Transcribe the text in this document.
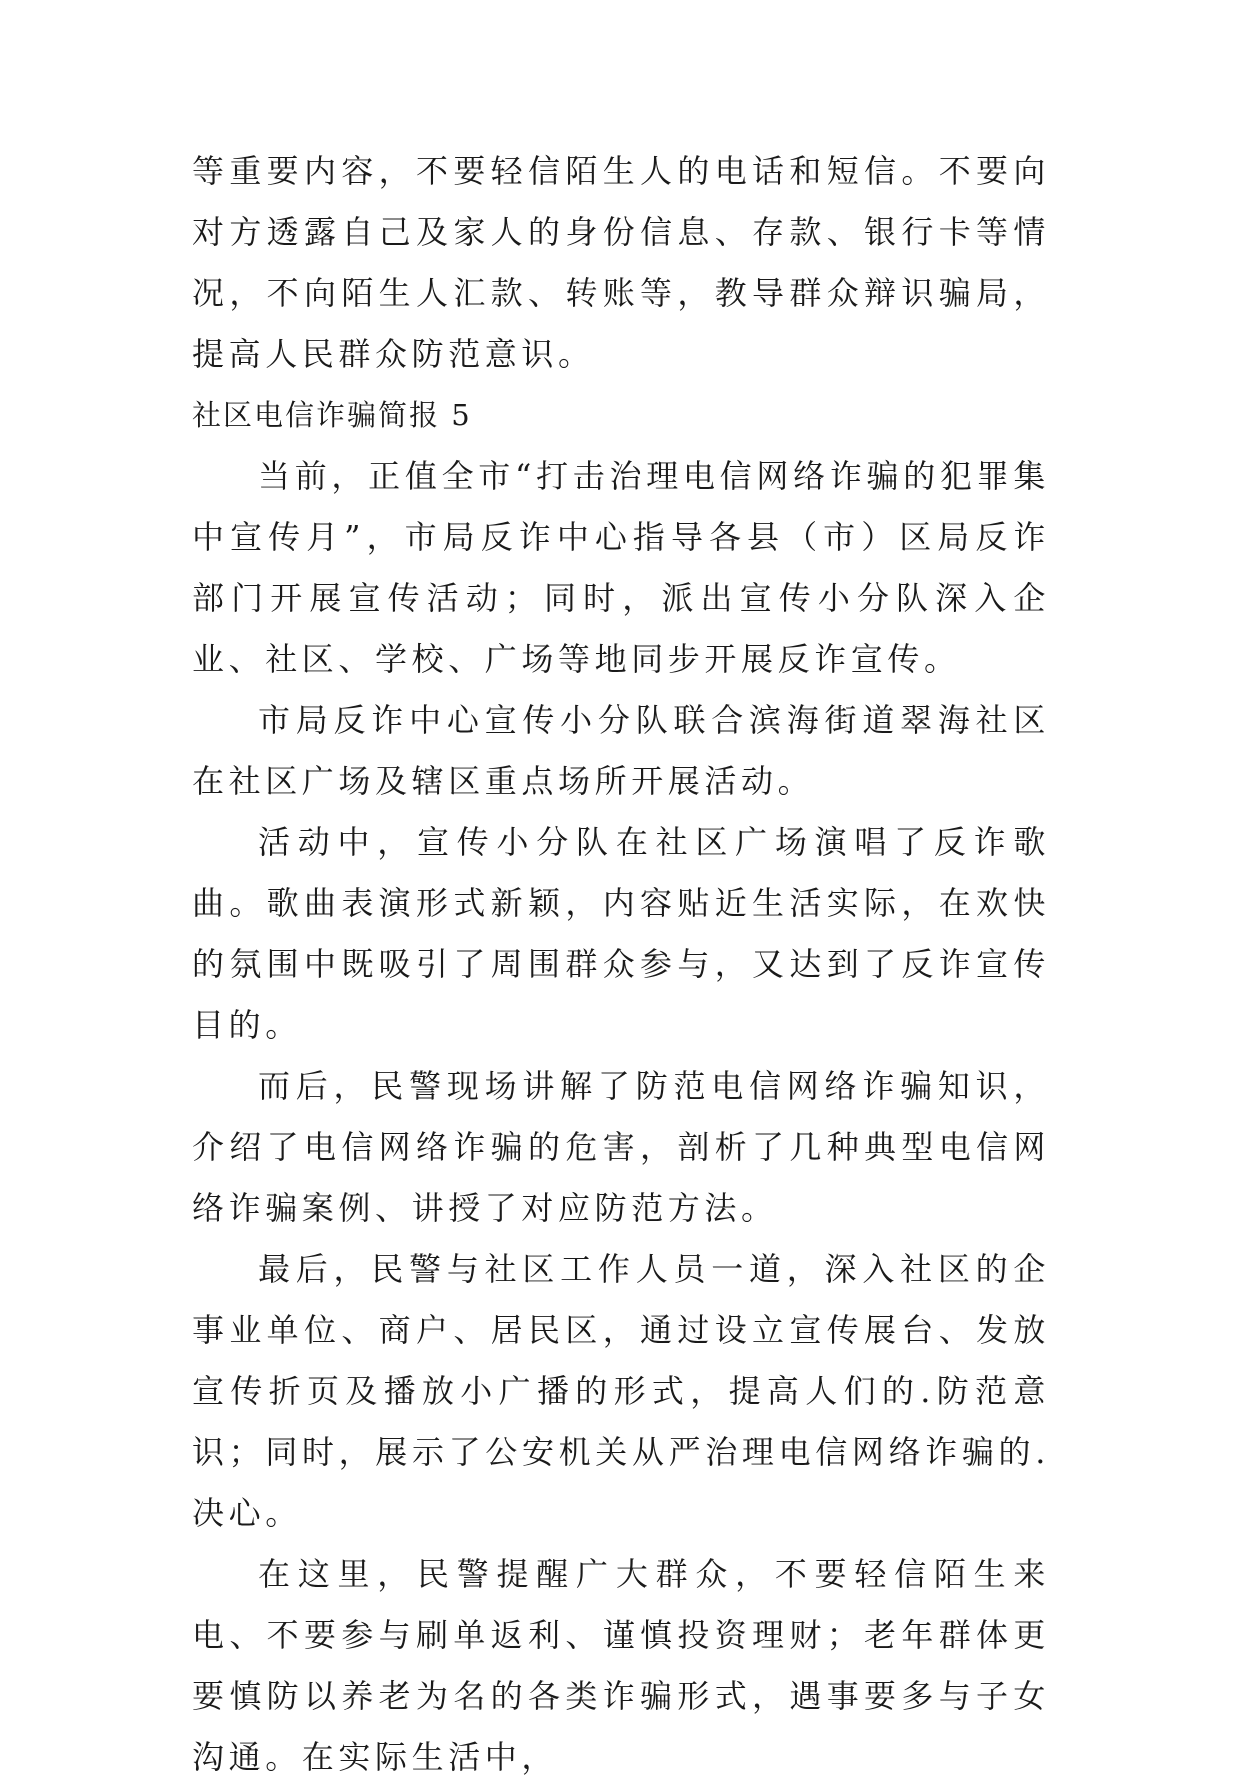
等重要内容，不要轻信陌生人的电话和短信。不要向对方透露自己及家人的身份信息、存款、银行卡等情况，不向陌生人汇款、转账等，教导群众辩识骗局，提高人民群众防范意识。

社区电信诈骗简报 5

当前，正值全市“打击治理电信网络诈骗的犯罪集中宣传月”，市局反诈中心指导各县（市）区局反诈部门开展宣传活动；同时，派出宣传小分队深入企业、社区、学校、广场等地同步开展反诈宣传。

市局反诈中心宣传小分队联合滨海街道翠海社区在社区广场及辖区重点场所开展活动。

活动中，宣传小分队在社区广场演唱了反诈歌曲。歌曲表演形式新颖，内容贴近生活实际，在欢快的氛围中既吸引了周围群众参与，又达到了反诈宣传目的。

而后，民警现场讲解了防范电信网络诈骗知识，介绍了电信网络诈骗的危害，剖析了几种典型电信网络诈骗案例、讲授了对应防范方法。

最后，民警与社区工作人员一道，深入社区的企事业单位、商户、居民区，通过设立宣传展台、发放宣传折页及播放小广播的形式，提高人们的.防范意识；同时，展示了公安机关从严治理电信网络诈骗的.决心。

在这里，民警提醒广大群众，不要轻信陌生来电、不要参与刷单返利、谨慎投资理财；老年群体更要慎防以养老为名的各类诈骗形式，遇事要多与子女沟通。在实际生活中，
